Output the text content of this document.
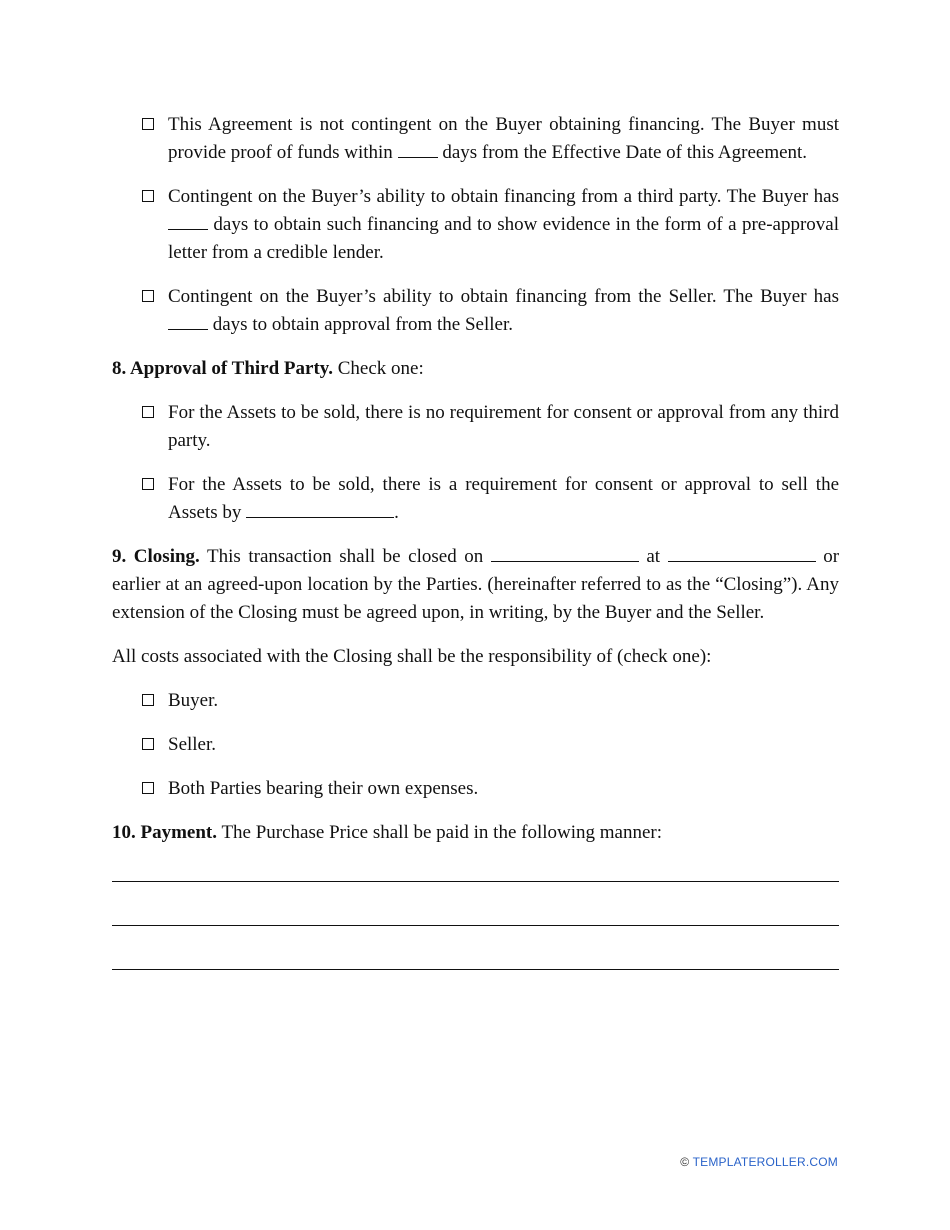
This Agreement is not contingent on the Buyer obtaining financing. The Buyer must provide proof of funds within	days from the Effective Date of this Agreement.
Contingent on the Buyer’s ability to obtain financing from a third party. The Buyer has  days to obtain such financing and to show evidence in the form of a pre-approval letter from a credible lender.
Contingent on the Buyer’s ability to obtain financing from the Seller. The Buyer has  days to obtain approval from the Seller.
8. Approval of Third Party. Check one:
For the Assets to be sold, there is no requirement for consent or approval from any third party.
For the Assets to be sold, there is a requirement for consent or approval to sell the Assets by	.
9. Closing. This transaction shall be closed on	at	or earlier at an agreed-upon location by the Parties. (hereinafter referred to as the “Closing”). Any extension of the Closing must be agreed upon, in writing, by the Buyer and the Seller.
All costs associated with the Closing shall be the responsibility of (check one):
Buyer.
Seller.
Both Parties bearing their own expenses.
10. Payment. The Purchase Price shall be paid in the following manner:
© TEMPLATEROLLER.COM
